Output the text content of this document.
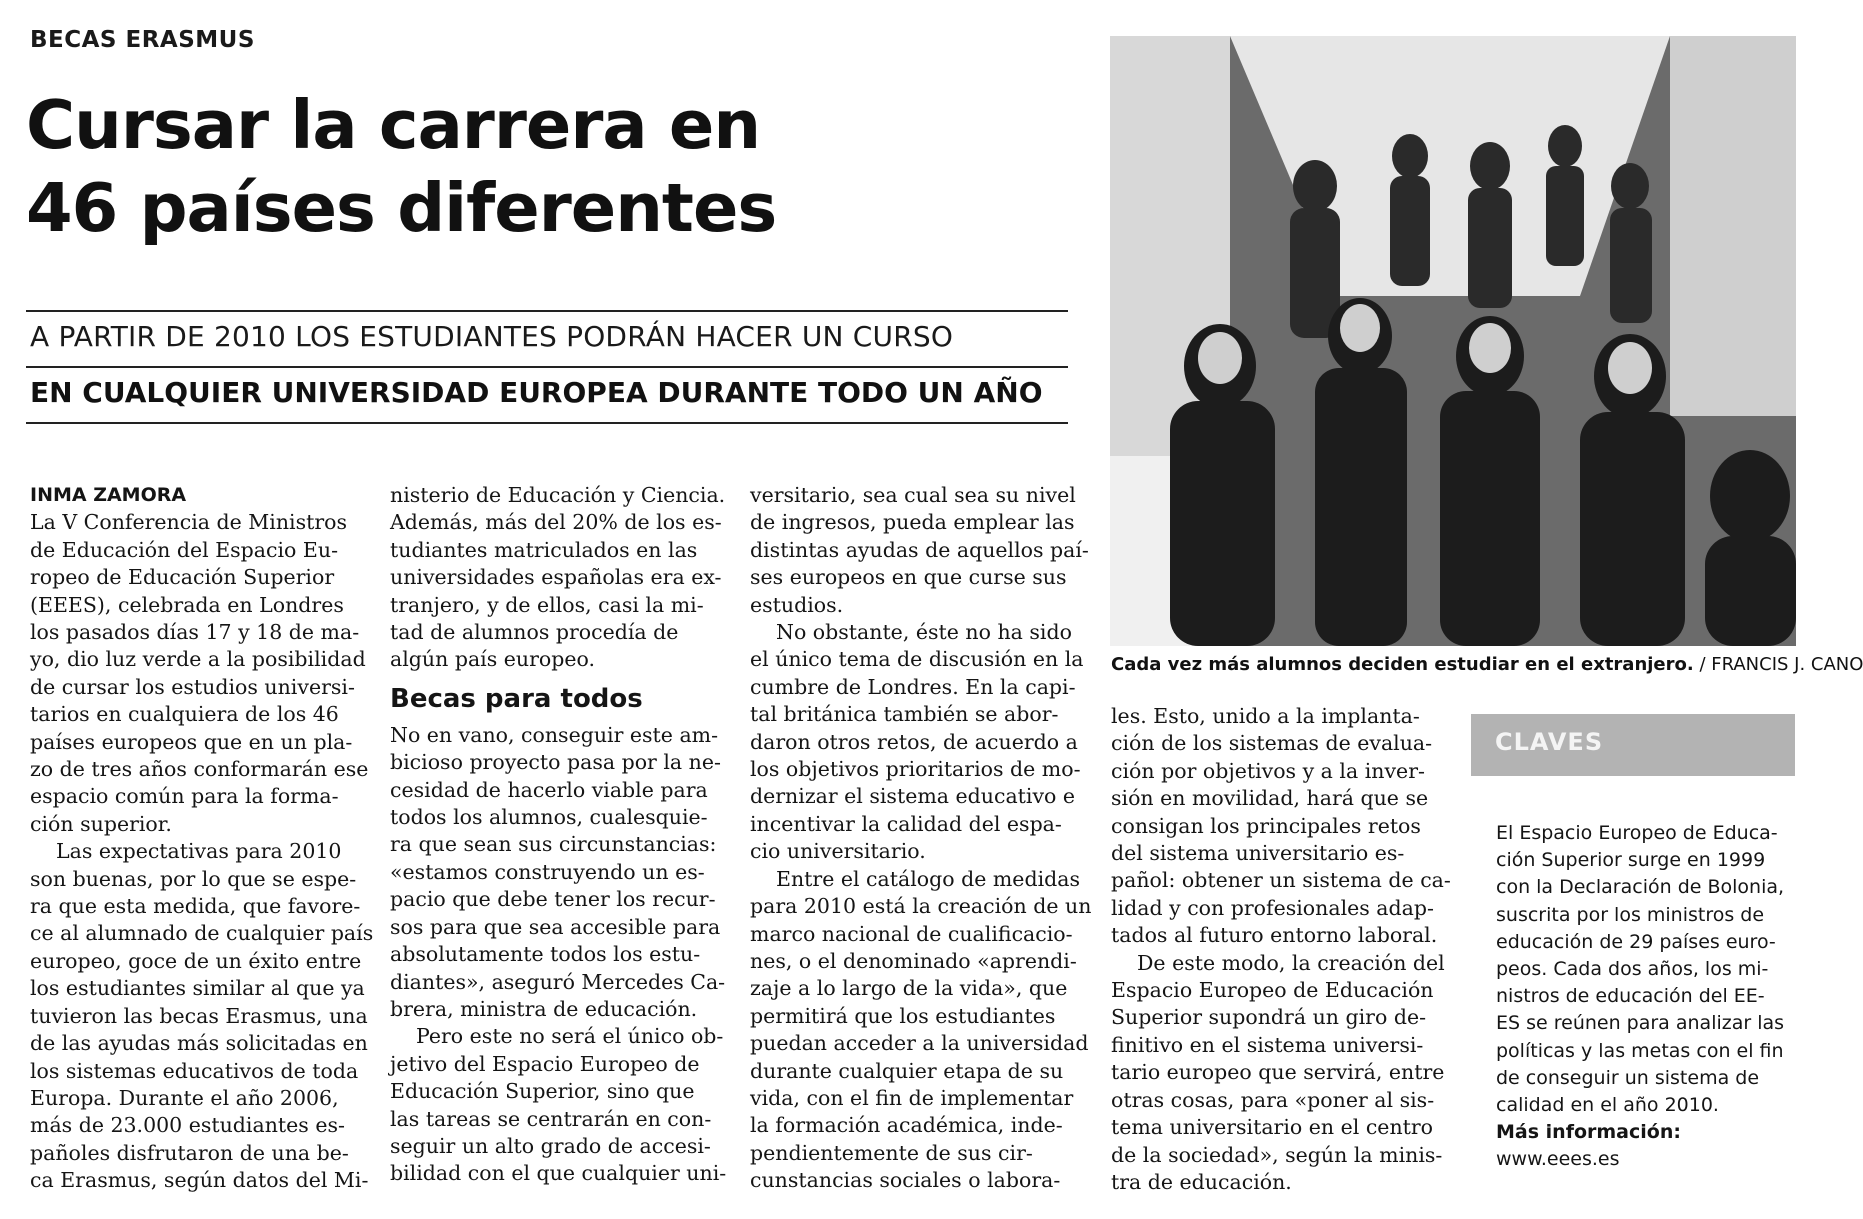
BECAS ERASMUS
Cursar la carrera en
46 países diferentes
A PARTIR DE 2010 LOS ESTUDIANTES PODRÁN HACER UN CURSO
EN CUALQUIER UNIVERSIDAD EUROPEA DURANTE TODO UN AÑO
INMA ZAMORA
La V Conferencia de Ministros
de Educación del Espacio Eu-
ropeo de Educación Superior
(EEES), celebrada en Londres
los pasados días 17 y 18 de ma-
yo, dio luz verde a la posibilidad
de cursar los estudios universi-
tarios en cualquiera de los 46
países europeos que en un pla-
zo de tres años conformarán ese
espacio común para la forma-
ción superior.
Las expectativas para 2010
son buenas, por lo que se espe-
ra que esta medida, que favore-
ce al alumnado de cualquier país
europeo, goce de un éxito entre
los estudiantes similar al que ya
tuvieron las becas Erasmus, una
de las ayudas más solicitadas en
los sistemas educativos de toda
Europa. Durante el año 2006,
más de 23.000 estudiantes es-
pañoles disfrutaron de una be-
ca Erasmus, según datos del Mi-
nisterio de Educación y Ciencia.
Además, más del 20% de los es-
tudiantes matriculados en las
universidades españolas era ex-
tranjero, y de ellos, casi la mi-
tad de alumnos procedía de
algún país europeo.
Becas para todos
No en vano, conseguir este am-
bicioso proyecto pasa por la ne-
cesidad de hacerlo viable para
todos los alumnos, cualesquie-
ra que sean sus circunstancias:
«estamos construyendo un es-
pacio que debe tener los recur-
sos para que sea accesible para
absolutamente todos los estu-
diantes», aseguró Mercedes Ca-
brera, ministra de educación.
Pero este no será el único ob-
jetivo del Espacio Europeo de
Educación Superior, sino que
las tareas se centrarán en con-
seguir un alto grado de accesi-
bilidad con el que cualquier uni-
versitario, sea cual sea su nivel
de ingresos, pueda emplear las
distintas ayudas de aquellos paí-
ses europeos en que curse sus
estudios.
No obstante, éste no ha sido
el único tema de discusión en la
cumbre de Londres. En la capi-
tal británica también se abor-
daron otros retos, de acuerdo a
los objetivos prioritarios de mo-
dernizar el sistema educativo e
incentivar la calidad del espa-
cio universitario.
Entre el catálogo de medidas
para 2010 está la creación de un
marco nacional de cualificacio-
nes, o el denominado «aprendi-
zaje a lo largo de la vida», que
permitirá que los estudiantes
puedan acceder a la universidad
durante cualquier etapa de su
vida, con el fin de implementar
la formación académica, inde-
pendientemente de sus cir-
cunstancias sociales o labora-
les. Esto, unido a la implanta-
ción de los sistemas de evalua-
ción por objetivos y a la inver-
sión en movilidad, hará que se
consigan los principales retos
del sistema universitario es-
pañol: obtener un sistema de ca-
lidad y con profesionales adap-
tados al futuro entorno laboral.
De este modo, la creación del
Espacio Europeo de Educación
Superior supondrá un giro de-
finitivo en el sistema universi-
tario europeo que servirá, entre
otras cosas, para «poner al sis-
tema universitario en el centro
de la sociedad», según la minis-
tra de educación.
Cada vez más alumnos deciden estudiar en el extranjero. / FRANCIS J. CANO
CLAVES
El Espacio Europeo de Educa-
ción Superior surge en 1999
con la Declaración de Bolonia,
suscrita por los ministros de
educación de 29 países euro-
peos. Cada dos años, los mi-
nistros de educación del EE-
ES se reúnen para analizar las
políticas y las metas con el fin
de conseguir un sistema de
calidad en el año 2010.
Más información:
www.eees.es
